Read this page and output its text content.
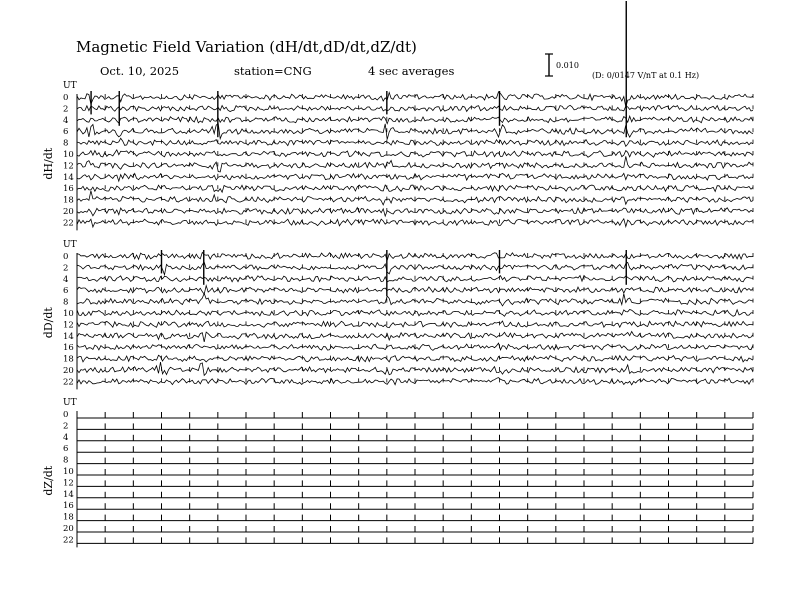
UT
dH/dt
0
2
4
6
8
10
12
14
16
18
20
22
UT
dD/dt
0
2
4
6
8
10
12
14
16
18
20
22
UT
dZ/dt
0
2
4
6
8
10
12
14
16
18
20
22
Magnetic Field Variation (dH/dt,dD/dt,dZ/dt)
Oct. 10, 2025	station=CNG	4 sec averages	0.010
(D: 0/0147 V/nT at 0.1 Hz)
